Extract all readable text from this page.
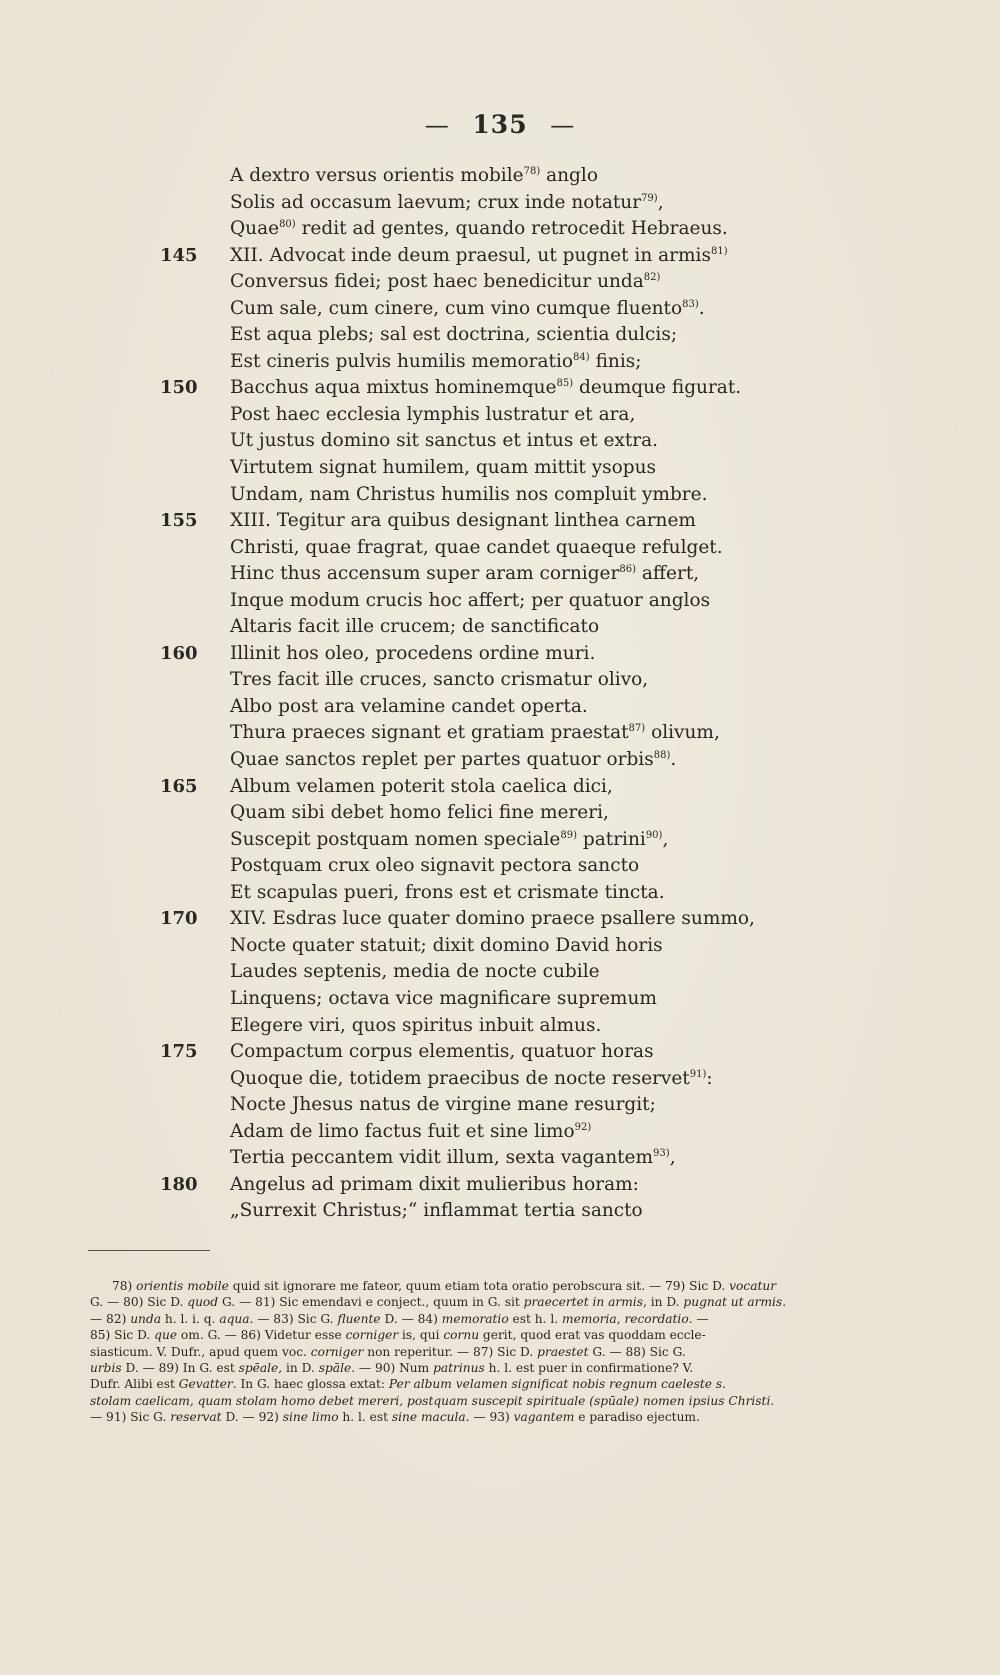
— 135 —
A dextro versus orientis mobile$^{78)}$ anglo
Solis ad occasum laevum; crux inde notatur$^{79)}$,
Quae$^{80)}$ redit ad gentes, quando retrocedit Hebraeus.
145	XII. Advocat inde deum praesul, ut pugnet in armis$^{81)}$
Conversus fidei; post haec benedicitur unda$^{82)}$
Cum sale, cum cinere, cum vino cumque fluento$^{83)}$.
Est aqua plebs; sal est doctrina, scientia dulcis;
Est cineris pulvis humilis memoratio$^{84)}$ finis;
150	Bacchus aqua mixtus hominemque$^{85)}$ deumque figurat.
Post haec ecclesia lymphis lustratur et ara,
Ut justus domino sit sanctus et intus et extra.
Virtutem signat humilem, quam mittit ysopus
Undam, nam Christus humilis nos compluit ymbre.
155	XIII. Tegitur ara quibus designant linthea carnem
Christi, quae fragrat, quae candet quaeque refulget.
Hinc thus accensum super aram corniger$^{86)}$ affert,
Inque modum crucis hoc affert; per quatuor anglos
Altaris facit ille crucem; de sanctificato
160	Illinit hos oleo, procedens ordine muri.
Tres facit ille cruces, sancto crismatur olivo,
Albo post ara velamine candet operta.
Thura praeces signant et gratiam praestat$^{87)}$ olivum,
Quae sanctos replet per partes quatuor orbis$^{88)}$.
165	Album velamen poterit stola caelica dici,
Quam sibi debet homo felici fine mereri,
Suscepit postquam nomen speciale$^{89)}$ patrini$^{90)}$,
Postquam crux oleo signavit pectora sancto
Et scapulas pueri, frons est et crismate tincta.
170	XIV. Esdras luce quater domino praece psallere summo,
Nocte quater statuit; dixit domino David horis
Laudes septenis, media de nocte cubile
Linquens; octava vice magnificare supremum
Elegere viri, quos spiritus inbuit almus.
175	Compactum corpus elementis, quatuor horas
Quoque die, totidem praecibus de nocte reservet$^{91)}$:
Nocte Jhesus natus de virgine mane resurgit;
Adam de limo factus fuit et sine limo$^{92)}$
Tertia peccantem vidit illum, sexta vagantem$^{93)}$,
180	Angelus ad primam dixit mulieribus horam:
„Surrexit Christus;“ inflammat tertia sancto

78) orientis mobile quid sit ignorare me fateor, quum etiam tota oratio perobscura sit. — 79) Sic D. vocatur

G. — 80) Sic D. quod G. — 81) Sic emendavi e conject., quum in G. sit praecertet in armis, in D. pugnat ut armis.

— 82) unda h. l. i. q. aqua. — 83) Sic G. fluente D. — 84) memoratio est h. l. memoria, recordatio. —

85) Sic D. que om. G. — 86) Videtur esse corniger is, qui cornu gerit, quod erat vas quoddam eccle-

siasticum. V. Dufr., apud quem voc. corniger non reperitur. — 87) Sic D. praestet G. — 88) Sic G.

urbis D. — 89) In G. est spēale, in D. spāle. — 90) Num patrinus h. l. est puer in confirmatione? V.

Dufr. Alibi est Gevatter. In G. haec glossa extat: Per album velamen significat nobis regnum caeleste s.

stolam caelicam, quam stolam homo debet mereri, postquam suscepit spirituale (spūale) nomen ipsius Christi.

— 91) Sic G. reservat D. — 92) sine limo h. l. est sine macula. — 93) vagantem e paradiso ejectum.
